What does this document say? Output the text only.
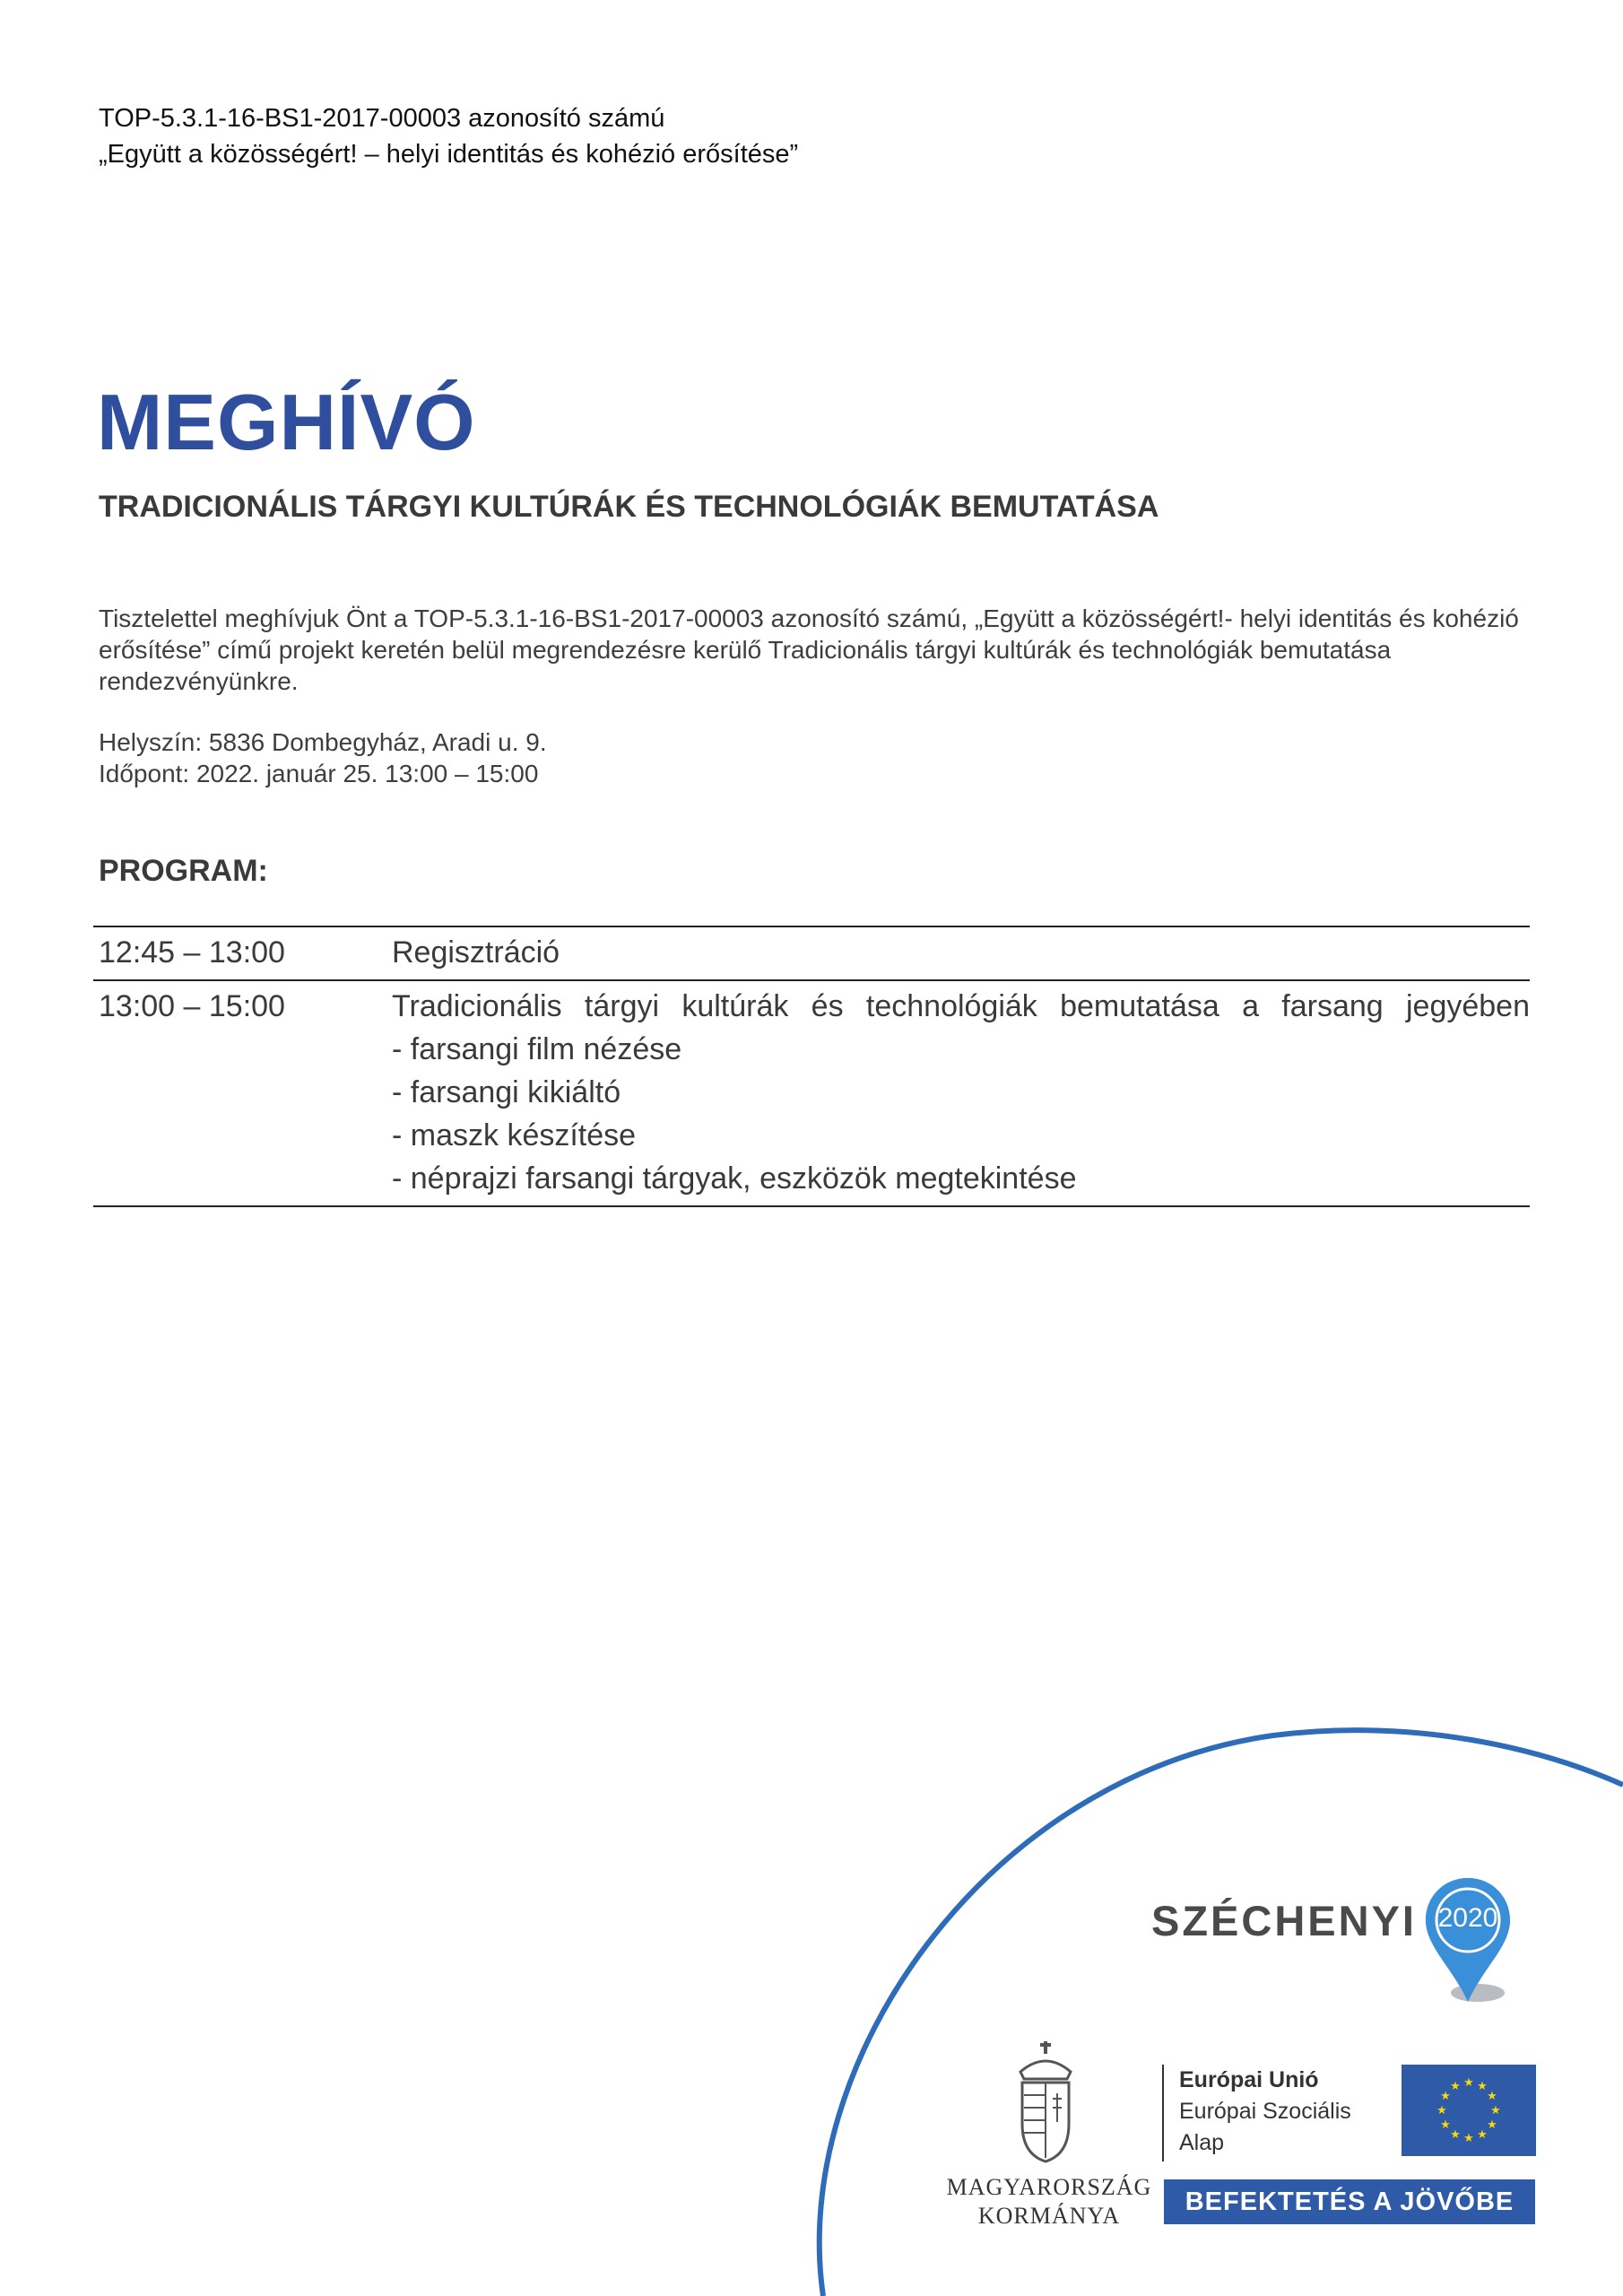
TOP-5.3.1-16-BS1-2017-00003 azonosító számú
„Együtt a közösségért! – helyi identitás és kohézió erősítése”
MEGHÍVÓ
TRADICIONÁLIS TÁRGYI KULTÚRÁK ÉS TECHNOLÓGIÁK BEMUTATÁSA
Tisztelettel meghívjuk Önt a TOP-5.3.1-16-BS1-2017-00003 azonosító számú, „Együtt a közösségért!- helyi identitás és kohézió erősítése” című projekt keretén belül megrendezésre kerülő Tradicionális tárgyi kultúrák és technológiák bemutatása rendezvényünkre.
Helyszín: 5836 Dombegyház, Aradi u. 9.
Időpont: 2022. január 25. 13:00 – 15:00
PROGRAM:
12:45 – 13:00	Regisztráció
13:00 – 15:00	Tradicionális tárgyi kultúrák és technológiák bemutatása a farsang jegyében
- farsangi film nézése
- farsangi kikiáltó
- maszk készítése
- néprajzi farsangi tárgyak, eszközök megtekintése
SZÉCHENYI 2020
MAGYARORSZÁG
KORMÁNYA
Európai Unió
Európai Szociális
Alap
★ ★
★
★
★
★
★
★
★
★
★
★
BEFEKTETÉS A JÖVŐBE
